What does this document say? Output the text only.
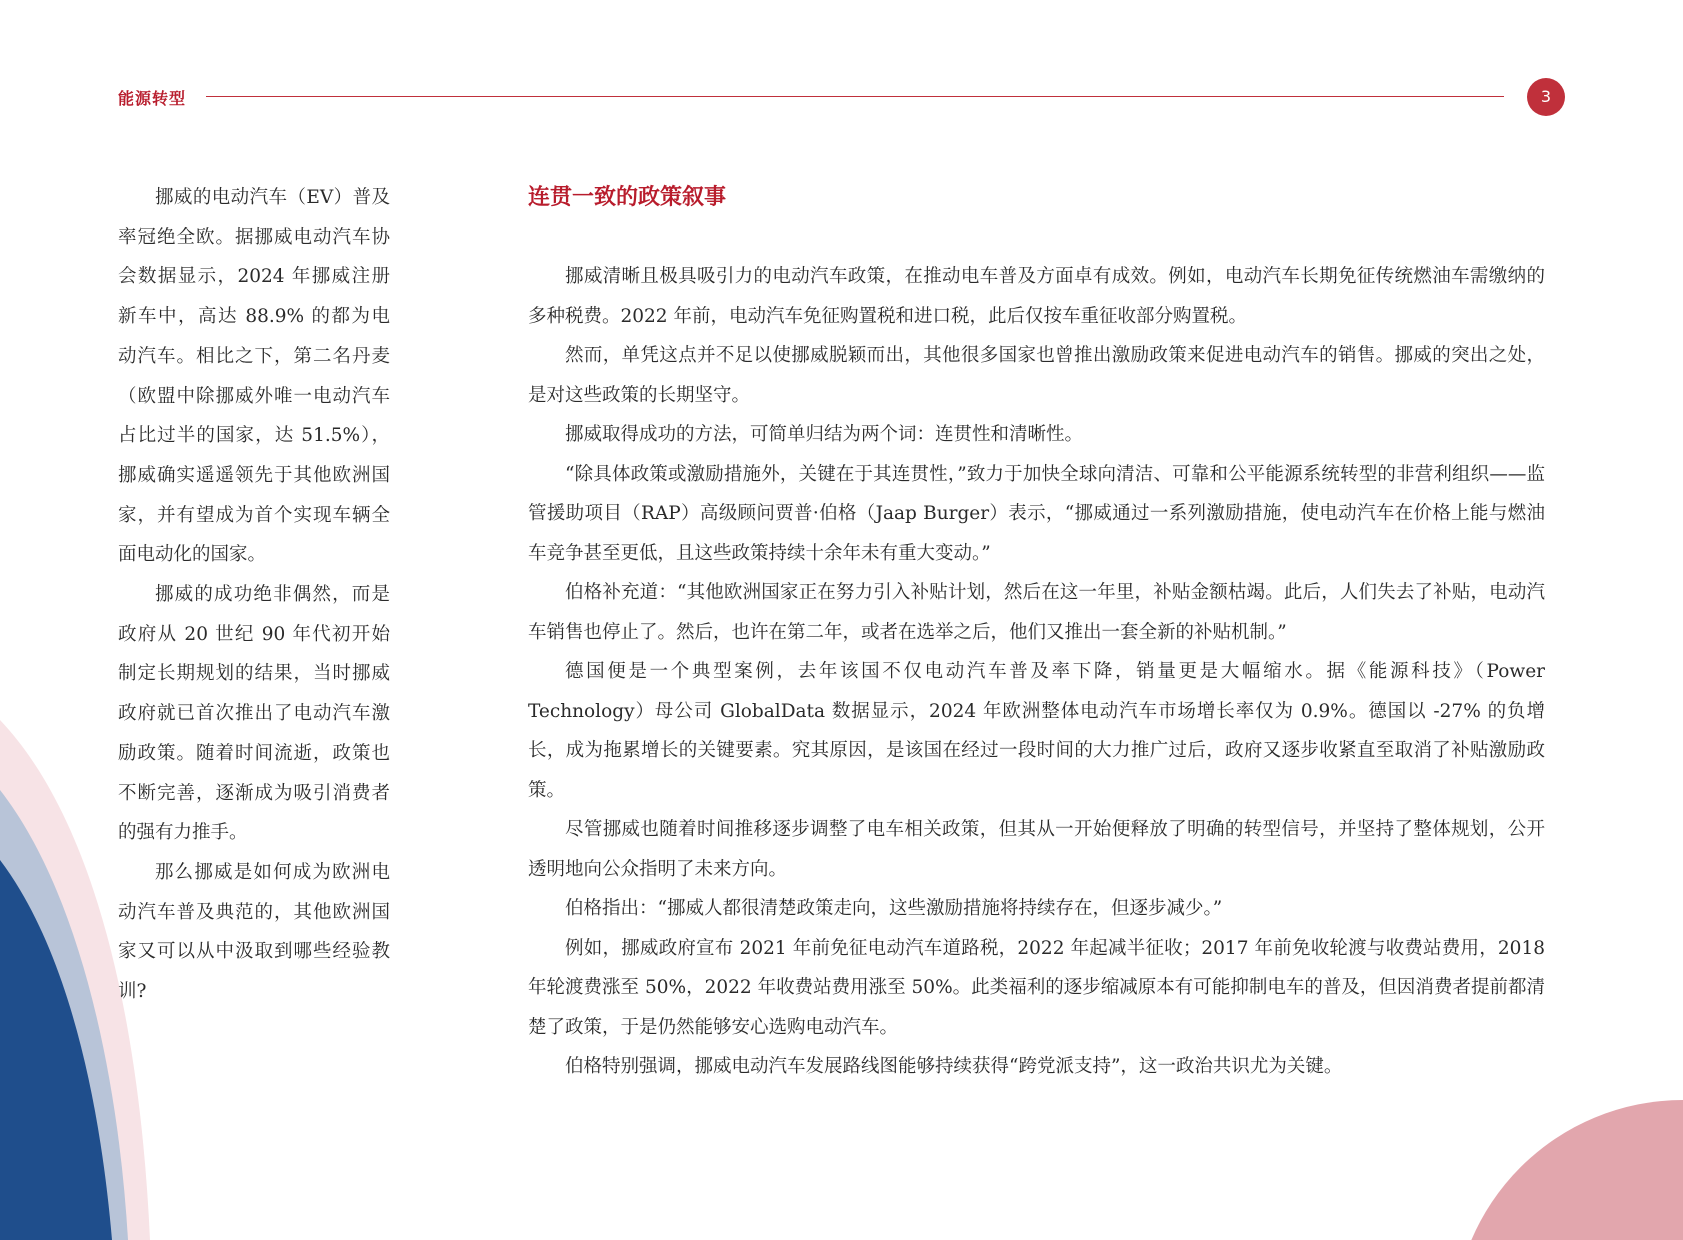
能源转型	3

挪威的电动汽车（EV）普及率冠绝全欧。据挪威电动汽车协会数据显示，2024 年挪威注册新车中，高达 88.9% 的都为电动汽车。相比之下，第二名丹麦（欧盟中除挪威外唯一电动汽车占比过半的国家，达 51.5%），挪威确实遥遥领先于其他欧洲国家，并有望成为首个实现车辆全面电动化的国家。

挪威的成功绝非偶然，而是政府从 20 世纪 90 年代初开始制定长期规划的结果，当时挪威政府就已首次推出了电动汽车激励政策。随着时间流逝，政策也不断完善，逐渐成为吸引消费者的强有力推手。

那么挪威是如何成为欧洲电动汽车普及典范的，其他欧洲国家又可以从中汲取到哪些经验教训?

连贯一致的政策叙事

挪威清晰且极具吸引力的电动汽车政策，在推动电车普及方面卓有成效。例如，电动汽车长期免征传统燃油车需缴纳的多种税费。2022 年前，电动汽车免征购置税和进口税，此后仅按车重征收部分购置税。

然而，单凭这点并不足以使挪威脱颖而出，其他很多国家也曾推出激励政策来促进电动汽车的销售。挪威的突出之处，是对这些政策的长期坚守。

挪威取得成功的方法，可简单归结为两个词：连贯性和清晰性。

“除具体政策或激励措施外，关键在于其连贯性，”致力于加快全球向清洁、可靠和公平能源系统转型的非营利组织——监管援助项目（RAP）高级顾问贾普·伯格（Jaap Burger）表示，“挪威通过一系列激励措施，使电动汽车在价格上能与燃油车竞争甚至更低，且这些政策持续十余年未有重大变动。”

伯格补充道：“其他欧洲国家正在努力引入补贴计划，然后在这一年里，补贴金额枯竭。此后，人们失去了补贴，电动汽车销售也停止了。然后，也许在第二年，或者在选举之后，他们又推出一套全新的补贴机制。”

德国便是一个典型案例，去年该国不仅电动汽车普及率下降，销量更是大幅缩水。据《能源科技》（Power Technology）母公司 GlobalData 数据显示，2024 年欧洲整体电动汽车市场增长率仅为 0.9%。德国以 -27% 的负增长，成为拖累增长的关键要素。究其原因，是该国在经过一段时间的大力推广过后，政府又逐步收紧直至取消了补贴激励政策。

尽管挪威也随着时间推移逐步调整了电车相关政策，但其从一开始便释放了明确的转型信号，并坚持了整体规划，公开透明地向公众指明了未来方向。

伯格指出：“挪威人都很清楚政策走向，这些激励措施将持续存在，但逐步减少。”

例如，挪威政府宣布 2021 年前免征电动汽车道路税，2022 年起减半征收；2017 年前免收轮渡与收费站费用，2018 年轮渡费涨至 50%，2022 年收费站费用涨至 50%。此类福利的逐步缩减原本有可能抑制电车的普及，但因消费者提前都清楚了政策，于是仍然能够安心选购电动汽车。

伯格特别强调，挪威电动汽车发展路线图能够持续获得“跨党派支持”，这一政治共识尤为关键。
